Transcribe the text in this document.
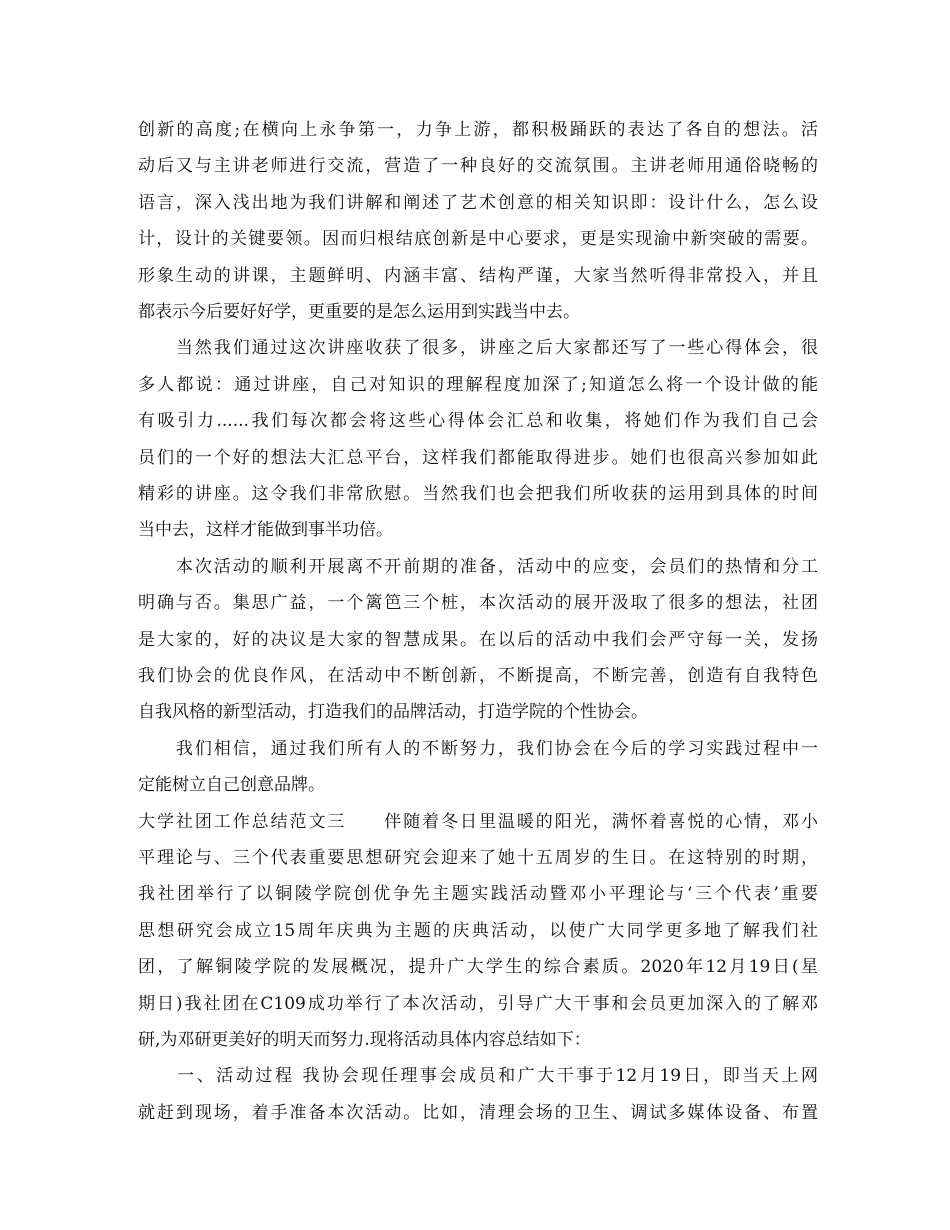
创新的高度;在横向上永争第一，力争上游，都积极踊跃的表达了各自的想法。活
动后又与主讲老师进行交流，营造了一种良好的交流氛围。主讲老师用通俗晓畅的
语言，深入浅出地为我们讲解和阐述了艺术创意的相关知识即：设计什么，怎么设
计，设计的关键要领。因而归根结底创新是中心要求，更是实现渝中新突破的需要。
形象生动的讲课，主题鲜明、内涵丰富、结构严谨，大家当然听得非常投入，并且
都表示今后要好好学，更重要的是怎么运用到实践当中去。
　　当然我们通过这次讲座收获了很多，讲座之后大家都还写了一些心得体会，很
多人都说：通过讲座，自己对知识的理解程度加深了;知道怎么将一个设计做的能
有吸引力......我们每次都会将这些心得体会汇总和收集，将她们作为我们自己会
员们的一个好的想法大汇总平台，这样我们都能取得进步。她们也很高兴参加如此
精彩的讲座。这令我们非常欣慰。当然我们也会把我们所收获的运用到具体的时间
当中去，这样才能做到事半功倍。
　　本次活动的顺利开展离不开前期的准备，活动中的应变，会员们的热情和分工
明确与否。集思广益，一个篱笆三个桩，本次活动的展开汲取了很多的想法，社团
是大家的，好的决议是大家的智慧成果。在以后的活动中我们会严守每一关，发扬
我们协会的优良作风，在活动中不断创新，不断提高，不断完善，创造有自我特色
自我风格的新型活动，打造我们的品牌活动，打造学院的个性协会。
　　我们相信，通过我们所有人的不断努力，我们协会在今后的学习实践过程中一
定能树立自己创意品牌。
大学社团工作总结范文三　　伴随着冬日里温暖的阳光，满怀着喜悦的心情，邓小
平理论与、三个代表重要思想研究会迎来了她十五周岁的生日。在这特别的时期，
我社团举行了以铜陵学院创优争先主题实践活动暨邓小平理论与‘三个代表’重要
思想研究会成立15周年庆典为主题的庆典活动，以使广大同学更多地了解我们社
团，了解铜陵学院的发展概况，提升广大学生的综合素质。2020年12月19日(星
期日)我社团在C109成功举行了本次活动，引导广大干事和会员更加深入的了解邓
研,为邓研更美好的明天而努力.现将活动具体内容总结如下：
　　一、活动过程 我协会现任理事会成员和广大干事于12月19日，即当天上网
就赶到现场，着手准备本次活动。比如，清理会场的卫生、调试多媒体设备、布置
